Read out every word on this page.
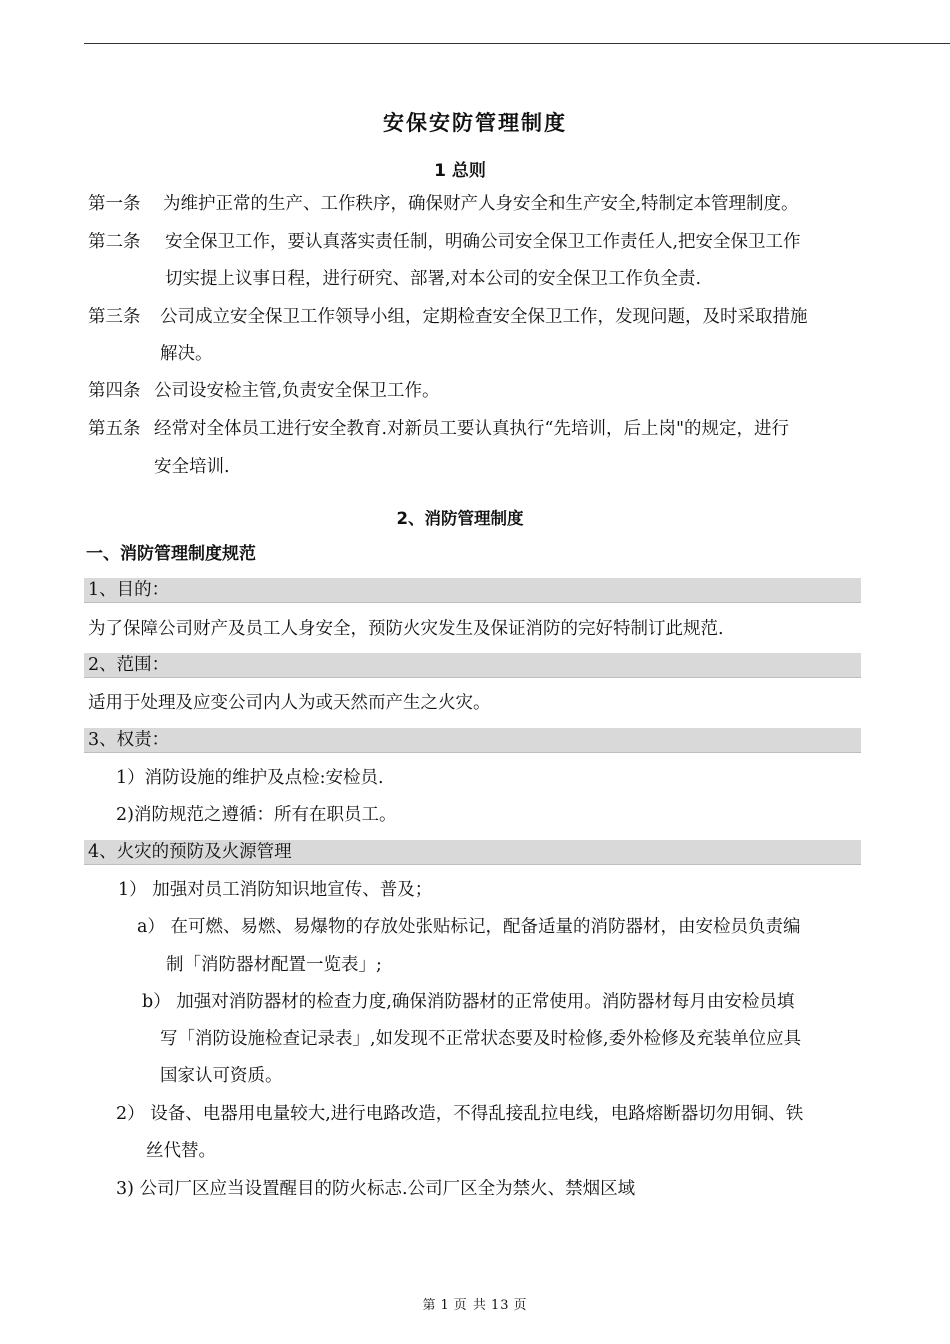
安保安防管理制度
1 总则
第一条 为维护正常的生产、工作秩序，确保财产人身安全和生产安全,特制定本管理制度。
第二条 安全保卫工作，要认真落实责任制，明确公司安全保卫工作责任人,把安全保卫工作
切实提上议事日程，进行研究、部署,对本公司的安全保卫工作负全责.
第三条 公司成立安全保卫工作领导小组，定期检查安全保卫工作，发现问题，及时采取措施
解决。
第四条 公司设安检主管,负责安全保卫工作。
第五条 经常对全体员工进行安全教育.对新员工要认真执行“先培训，后上岗"的规定，进行
安全培训.
2、消防管理制度
一、消防管理制度规范
1、目的：
为了保障公司财产及员工人身安全，预防火灾发生及保证消防的完好特制订此规范.
2、范围：
适用于处理及应变公司内人为或天然而产生之火灾。
3、权责：
1）消防设施的维护及点检:安检员.
2)消防规范之遵循：所有在职员工。
4、火灾的预防及火源管理
1） 加强对员工消防知识地宣传、普及；
a） 在可燃、易燃、易爆物的存放处张贴标记，配备适量的消防器材，由安检员负责编
制「消防器材配置一览表」;
b） 加强对消防器材的检查力度,确保消防器材的正常使用。消防器材每月由安检员填
写「消防设施检查记录表」,如发现不正常状态要及时检修,委外检修及充装单位应具
国家认可资质。
2） 设备、电器用电量较大,进行电路改造，不得乱接乱拉电线，电路熔断器切勿用铜、铁
丝代替。
3) 公司厂区应当设置醒目的防火标志.公司厂区全为禁火、禁烟区域
第 1 页 共 13 页
